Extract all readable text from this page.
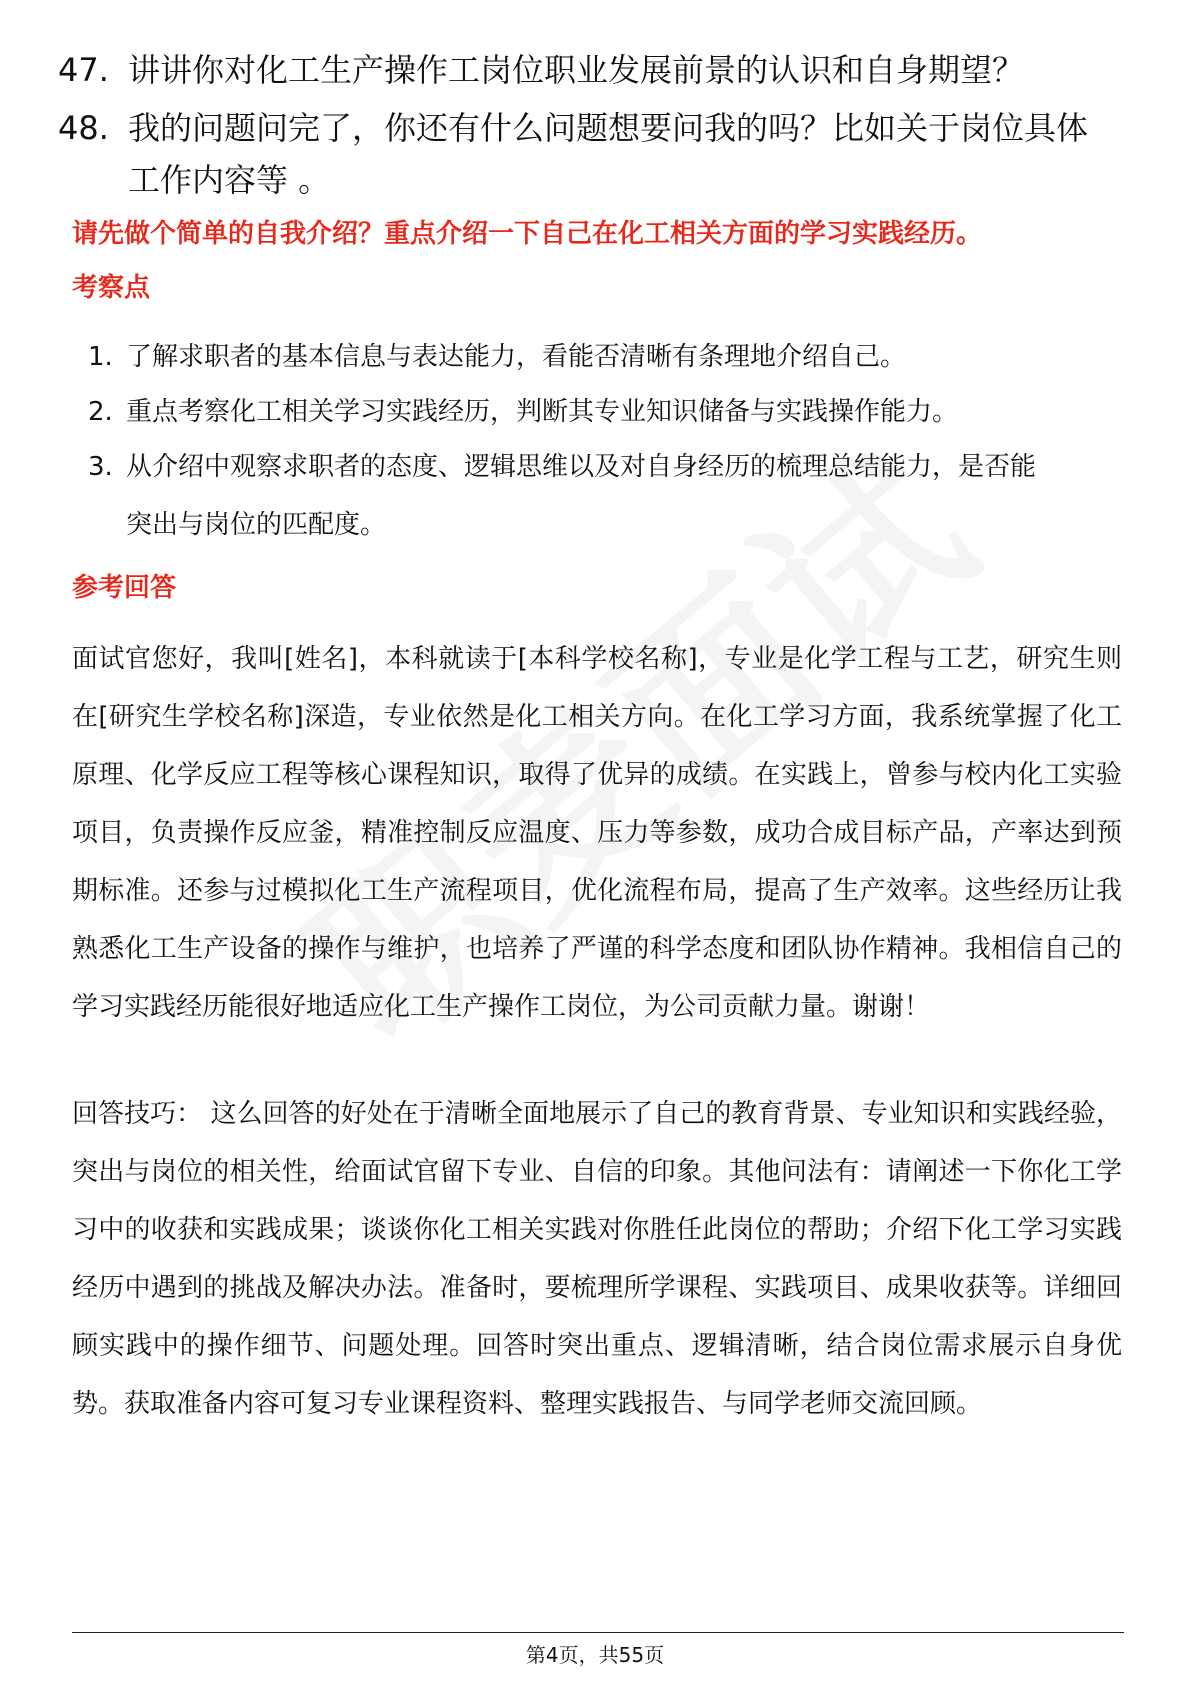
47. 讲讲你对化工生产操作工岗位职业发展前景的认识和自身期望？
48. 我的问题问完了，你还有什么问题想要问我的吗？比如关于岗位具体工作内容等 。
请先做个简单的自我介绍？重点介绍一下自己在化工相关方面的学习实践经历。
考察点
1. 了解求职者的基本信息与表达能力，看能否清晰有条理地介绍自己。
2. 重点考察化工相关学习实践经历，判断其专业知识储备与实践操作能力。
3. 从介绍中观察求职者的态度、逻辑思维以及对自身经历的梳理总结能力，是否能突出与岗位的匹配度。
参考回答
面试官您好，我叫[姓名]，本科就读于[本科学校名称]，专业是化学工程与工艺，研究生则在[研究生学校名称]深造，专业依然是化工相关方向。在化工学习方面，我系统掌握了化工原理、化学反应工程等核心课程知识，取得了优异的成绩。在实践上，曾参与校内化工实验项目，负责操作反应釜，精准控制反应温度、压力等参数，成功合成目标产品，产率达到预期标准。还参与过模拟化工生产流程项目，优化流程布局，提高了生产效率。这些经历让我熟悉化工生产设备的操作与维护，也培养了严谨的科学态度和团队协作精神。我相信自己的学习实践经历能很好地适应化工生产操作工岗位，为公司贡献力量。谢谢！
回答技巧： 这么回答的好处在于清晰全面地展示了自己的教育背景、专业知识和实践经验，突出与岗位的相关性，给面试官留下专业、自信的印象。其他问法有：请阐述一下你化工学习中的收获和实践成果；谈谈你化工相关实践对你胜任此岗位的帮助；介绍下化工学习实践经历中遇到的挑战及解决办法。准备时，要梳理所学课程、实践项目、成果收获等。详细回顾实践中的操作细节、问题处理。回答时突出重点、逻辑清晰，结合岗位需求展示自身优势。获取准备内容可复习专业课程资料、整理实践报告、与同学老师交流回顾。
第4页，共55页
